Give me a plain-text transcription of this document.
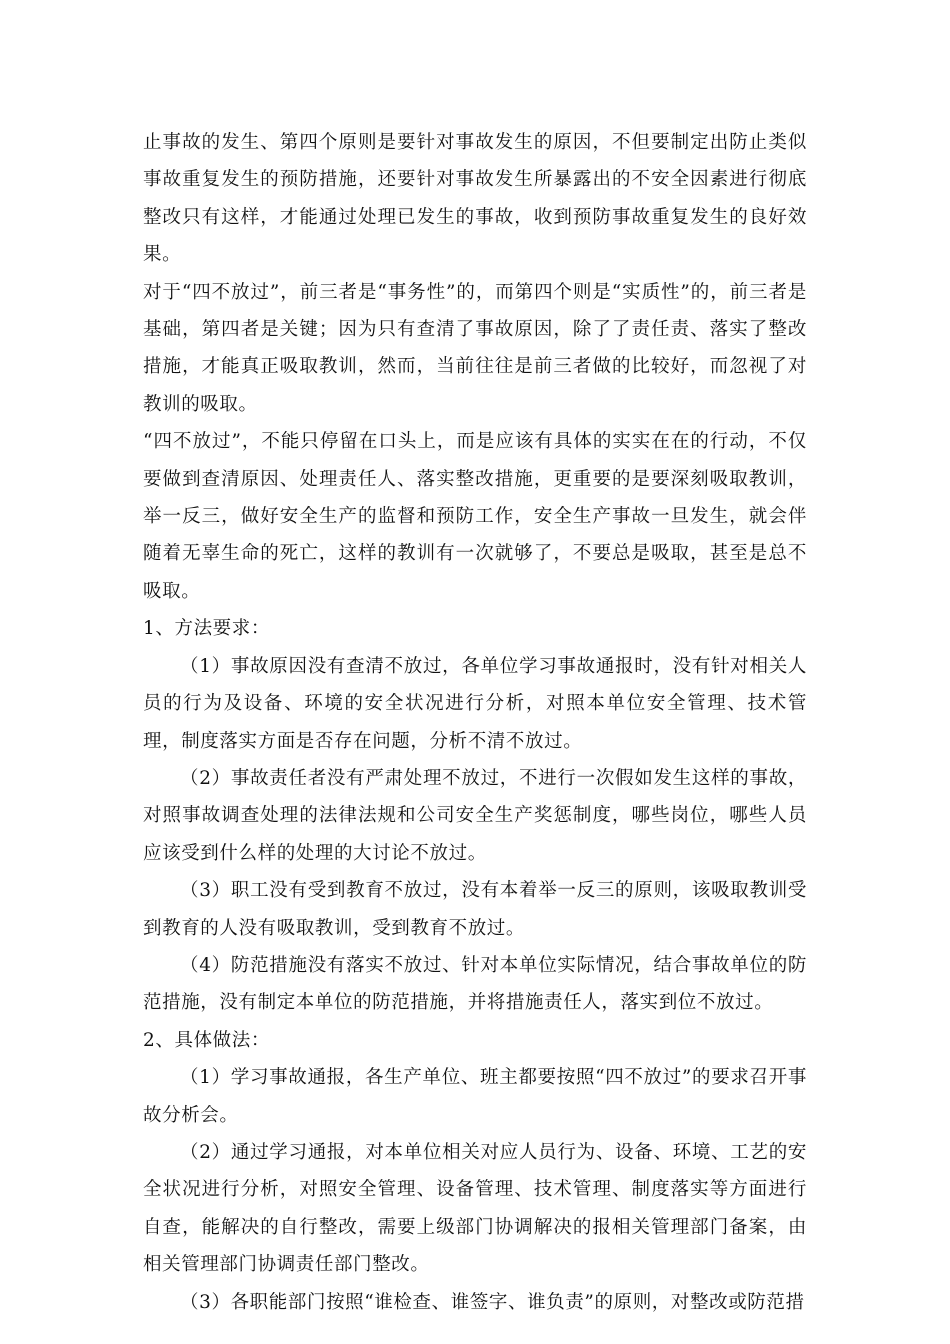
止事故的发生、第四个原则是要针对事故发生的原因，不但要制定出防止类似事故重复发生的预防措施，还要针对事故发生所暴露出的不安全因素进行彻底整改只有这样，才能通过处理已发生的事故，收到预防事故重复发生的良好效果。

对于“四不放过”，前三者是“事务性”的，而第四个则是“实质性”的，前三者是基础，第四者是关键；因为只有查清了事故原因，除了了责任责、落实了整改措施，才能真正吸取教训，然而，当前往往是前三者做的比较好，而忽视了对教训的吸取。

“四不放过”，不能只停留在口头上，而是应该有具体的实实在在的行动，不仅要做到查清原因、处理责任人、落实整改措施，更重要的是要深刻吸取教训，举一反三，做好安全生产的监督和预防工作，安全生产事故一旦发生，就会伴随着无辜生命的死亡，这样的教训有一次就够了，不要总是吸取，甚至是总不吸取。

1、方法要求：

（1）事故原因没有查清不放过，各单位学习事故通报时，没有针对相关人员的行为及设备、环境的安全状况进行分析，对照本单位安全管理、技术管理，制度落实方面是否存在问题，分析不清不放过。

（2）事故责任者没有严肃处理不放过，不进行一次假如发生这样的事故，对照事故调查处理的法律法规和公司安全生产奖惩制度，哪些岗位，哪些人员应该受到什么样的处理的大讨论不放过。

（3）职工没有受到教育不放过，没有本着举一反三的原则，该吸取教训受到教育的人没有吸取教训，受到教育不放过。

（4）防范措施没有落实不放过、针对本单位实际情况，结合事故单位的防范措施，没有制定本单位的防范措施，并将措施责任人，落实到位不放过。

2、具体做法：

（1）学习事故通报，各生产单位、班主都要按照“四不放过”的要求召开事故分析会。

（2）通过学习通报，对本单位相关对应人员行为、设备、环境、工艺的安全状况进行分析，对照安全管理、设备管理、技术管理、制度落实等方面进行自查，能解决的自行整改，需要上级部门协调解决的报相关管理部门备案，由相关管理部门协调责任部门整改。

（3）各职能部门按照“谁检查、谁签字、谁负责”的原则，对整改或防范措
